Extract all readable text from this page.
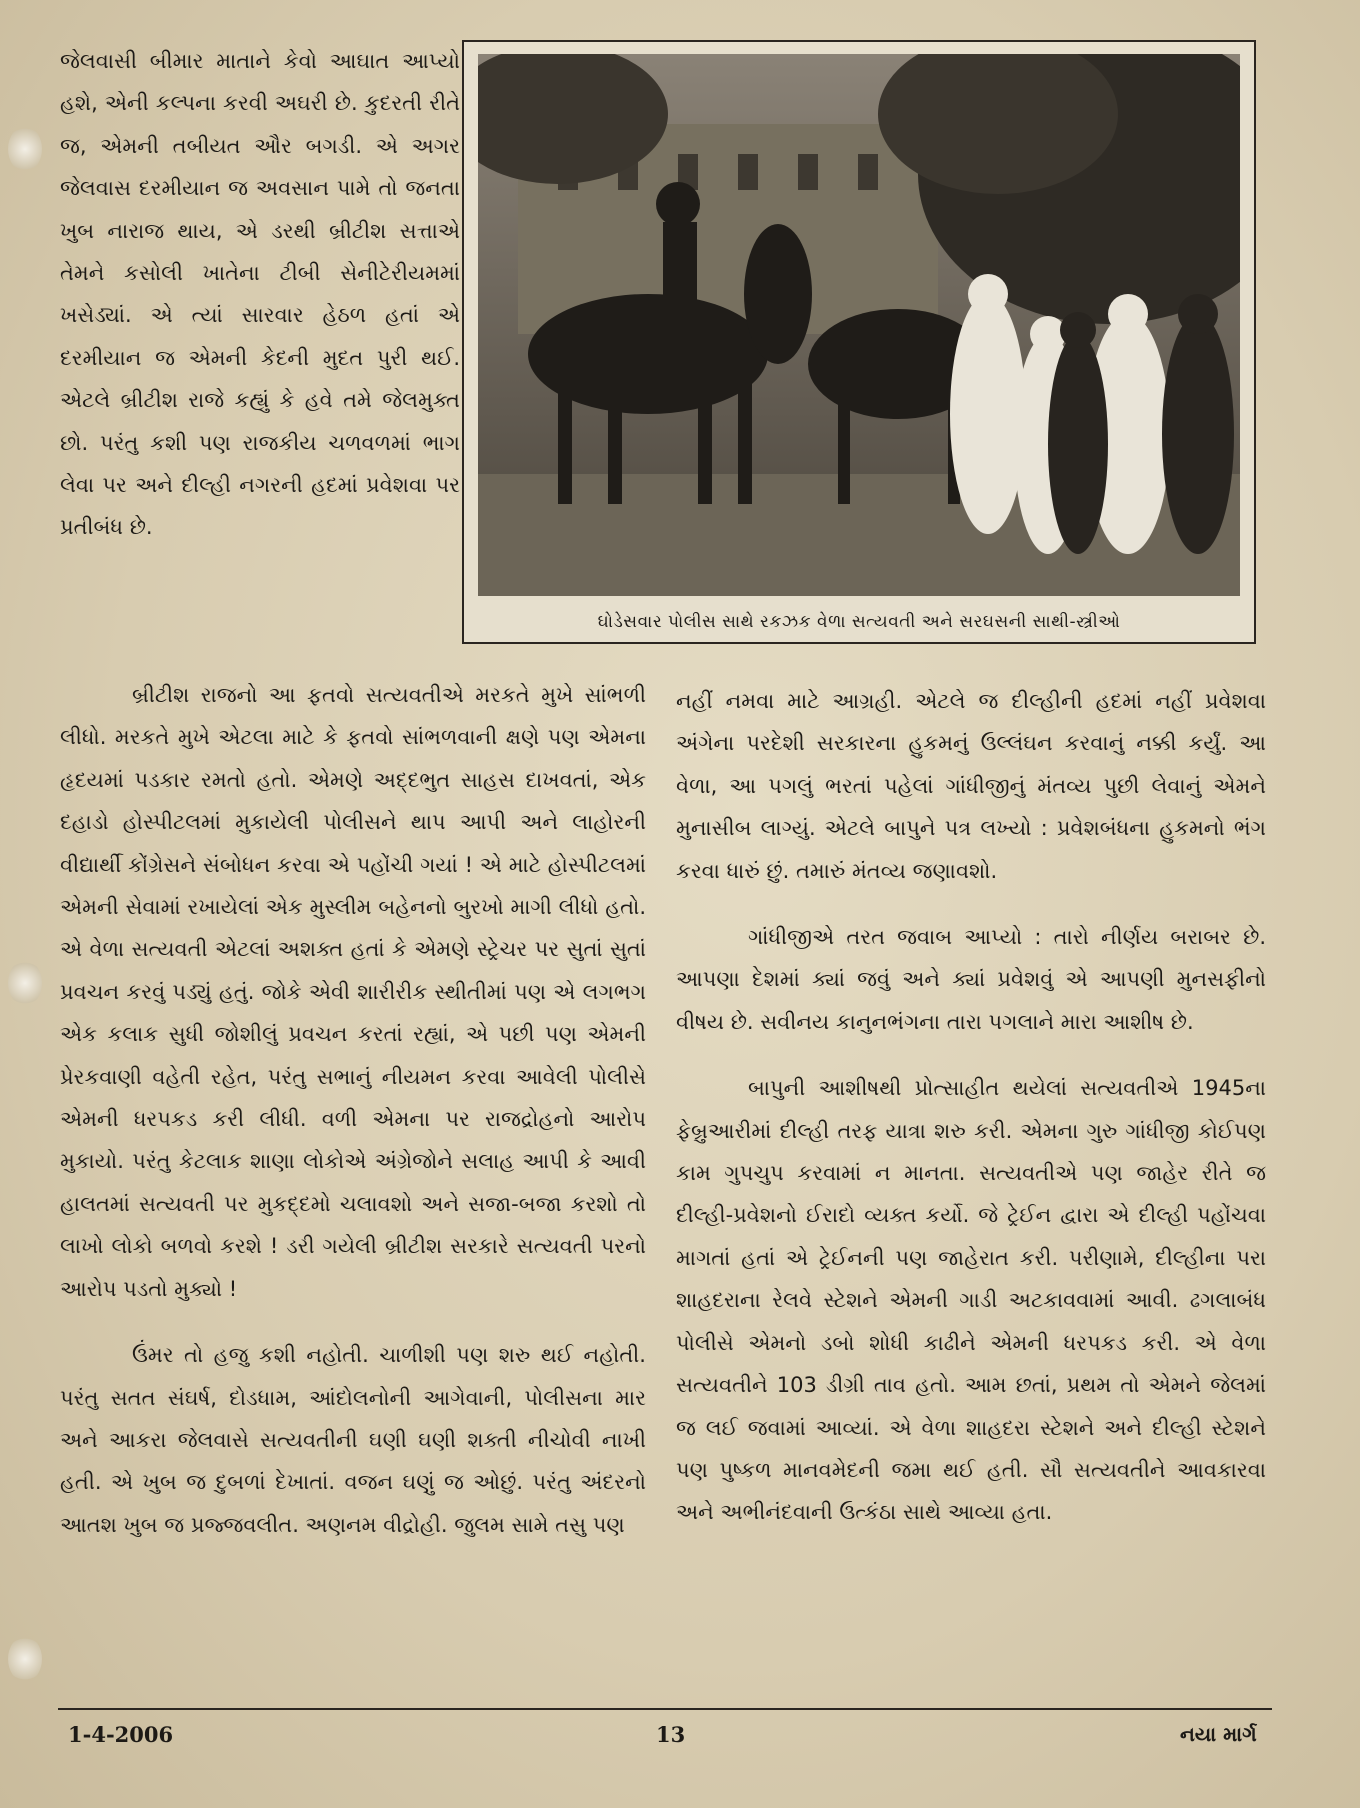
જેલવાસી બીમાર માતાને કેવો આઘાત આપ્યો હશે, એની કલ્પના કરવી અઘરી છે. કુદરતી રીતે જ, એમની તબીયત ઔર બગડી. એ અગર જેલવાસ દરમીયાન જ અવસાન પામે તો જનતા ખુબ નારાજ થાય, એ ડરથી બ્રીટીશ સત્તાએ તેમને કસોલી ખાતેના ટીબી સેનીટેરીયમમાં ખસેડ્યાં. એ ત્યાં સારવાર હેઠળ હતાં એ દરમીયાન જ એમની કેદની મુદત પુરી થઈ. એટલે બ્રીટીશ રાજે કહ્યું કે હવે તમે જેલમુક્ત છો. પરંતુ કશી પણ રાજકીય ચળવળમાં ભાગ લેવા પર અને દીલ્હી નગરની હદમાં પ્રવેશવા પર પ્રતીબંધ છે.

ઘોડેસવાર પોલીસ સાથે રકઝક વેળા સત્યવતી અને સરઘસની સાથી-સ્ત્રીઓ

બ્રીટીશ રાજનો આ ફતવો સત્યવતીએ મરકતે મુખે સાંભળી લીધો. મરકતે મુખે એટલા માટે કે ફતવો સાંભળવાની ક્ષણે પણ એમના હૃદયમાં પડકાર રમતો હતો. એમણે અદ્દભુત સાહસ દાખવતાં, એક દહાડો હોસ્પીટલમાં મુકાયેલી પોલીસને થાપ આપી અને લાહોરની વીદ્યાર્થી કોંગ્રેસને સંબોધન કરવા એ પહોંચી ગયાં ! એ માટે હોસ્પીટલમાં એમની સેવામાં રખાયેલાં એક મુસ્લીમ બહેનનો બુરખો માગી લીધો હતો. એ વેળા સત્યવતી એટલાં અશક્ત હતાં કે એમણે સ્ટ્રેચર પર સુતાં સુતાં પ્રવચન કરવું પડ્યું હતું. જોકે એવી શારીરીક સ્થીતીમાં પણ એ લગભગ એક કલાક સુધી જોશીલું પ્રવચન કરતાં રહ્યાં, એ પછી પણ એમની પ્રેરકવાણી વહેતી રહેત, પરંતુ સભાનું નીયમન કરવા આવેલી પોલીસે એમની ધરપકડ કરી લીધી. વળી એમના પર રાજદ્રોહનો આરોપ મુકાયો. પરંતુ કેટલાક શાણા લોકોએ અંગ્રેજોને સલાહ આપી કે આવી હાલતમાં સત્યવતી પર મુકદ્દમો ચલાવશો અને સજા-બજા કરશો તો લાખો લોકો બળવો કરશે ! ડરી ગયેલી બ્રીટીશ સરકારે સત્યવતી પરનો આરોપ પડતો મુક્યો !

ઉંમર તો હજુ કશી નહોતી. ચાળીશી પણ શરુ થઈ નહોતી. પરંતુ સતત સંઘર્ષ, દોડધામ, આંદોલનોની આગેવાની, પોલીસના માર અને આકરા જેલવાસે સત્યવતીની ઘણી ઘણી શક્તી નીચોવી નાખી હતી. એ ખુબ જ દુબળાં દેખાતાં. વજન ઘણું જ ઓછું. પરંતુ અંદરનો આતશ ખુબ જ પ્રજ્જવલીત. અણનમ વીદ્રોહી. જુલમ સામે તસુ પણ

નહીં નમવા માટે આગ્રહી. એટલે જ દીલ્હીની હદમાં નહીં પ્રવેશવા અંગેના પરદેશી સરકારના હુકમનું ઉલ્લંઘન કરવાનું નક્કી કર્યું. આ વેળા, આ પગલું ભરતાં પહેલાં ગાંધીજીનું મંતવ્ય પુછી લેવાનું એમને મુનાસીબ લાગ્યું. એટલે બાપુને પત્ર લખ્યો : પ્રવેશબંધના હુકમનો ભંગ કરવા ધારું છું. તમારું મંતવ્ય જણાવશો.

ગાંધીજીએ તરત જવાબ આપ્યો : તારો નીર્ણય બરાબર છે. આપણા દેશમાં ક્યાં જવું અને ક્યાં પ્રવેશવું એ આપણી મુનસફીનો વીષય છે. સવીનય કાનુનભંગના તારા પગલાને મારા આશીષ છે.

બાપુની આશીષથી પ્રોત્સાહીત થયેલાં સત્યવતીએ 1945ના ફેબ્રુઆરીમાં દીલ્હી તરફ યાત્રા શરુ કરી. એમના ગુરુ ગાંધીજી કોઈપણ કામ ગુપચુપ કરવામાં ન માનતા. સત્યવતીએ પણ જાહેર રીતે જ દીલ્હી-પ્રવેશનો ઈરાદો વ્યક્ત કર્યો. જે ટ્રેઈન દ્વારા એ દીલ્હી પહોંચવા માગતાં હતાં એ ટ્રેઈનની પણ જાહેરાત કરી. પરીણામે, દીલ્હીના પરા શાહદરાના રેલવે સ્ટેશને એમની ગાડી અટકાવવામાં આવી. ઢગલાબંધ પોલીસે એમનો ડબો શોધી કાઢીને એમની ધરપકડ કરી. એ વેળા સત્યવતીને 103 ડીગ્રી તાવ હતો. આમ છતાં, પ્રથમ તો એમને જેલમાં જ લઈ જવામાં આવ્યાં. એ વેળા શાહદરા સ્ટેશને અને દીલ્હી સ્ટેશને પણ પુષ્કળ માનવમેદની જમા થઈ હતી. સૌ સત્યવતીને આવકારવા અને અભીનંદવાની ઉત્કંઠા સાથે આવ્યા હતા.

1-4-2006	13	નયા માર્ગ
